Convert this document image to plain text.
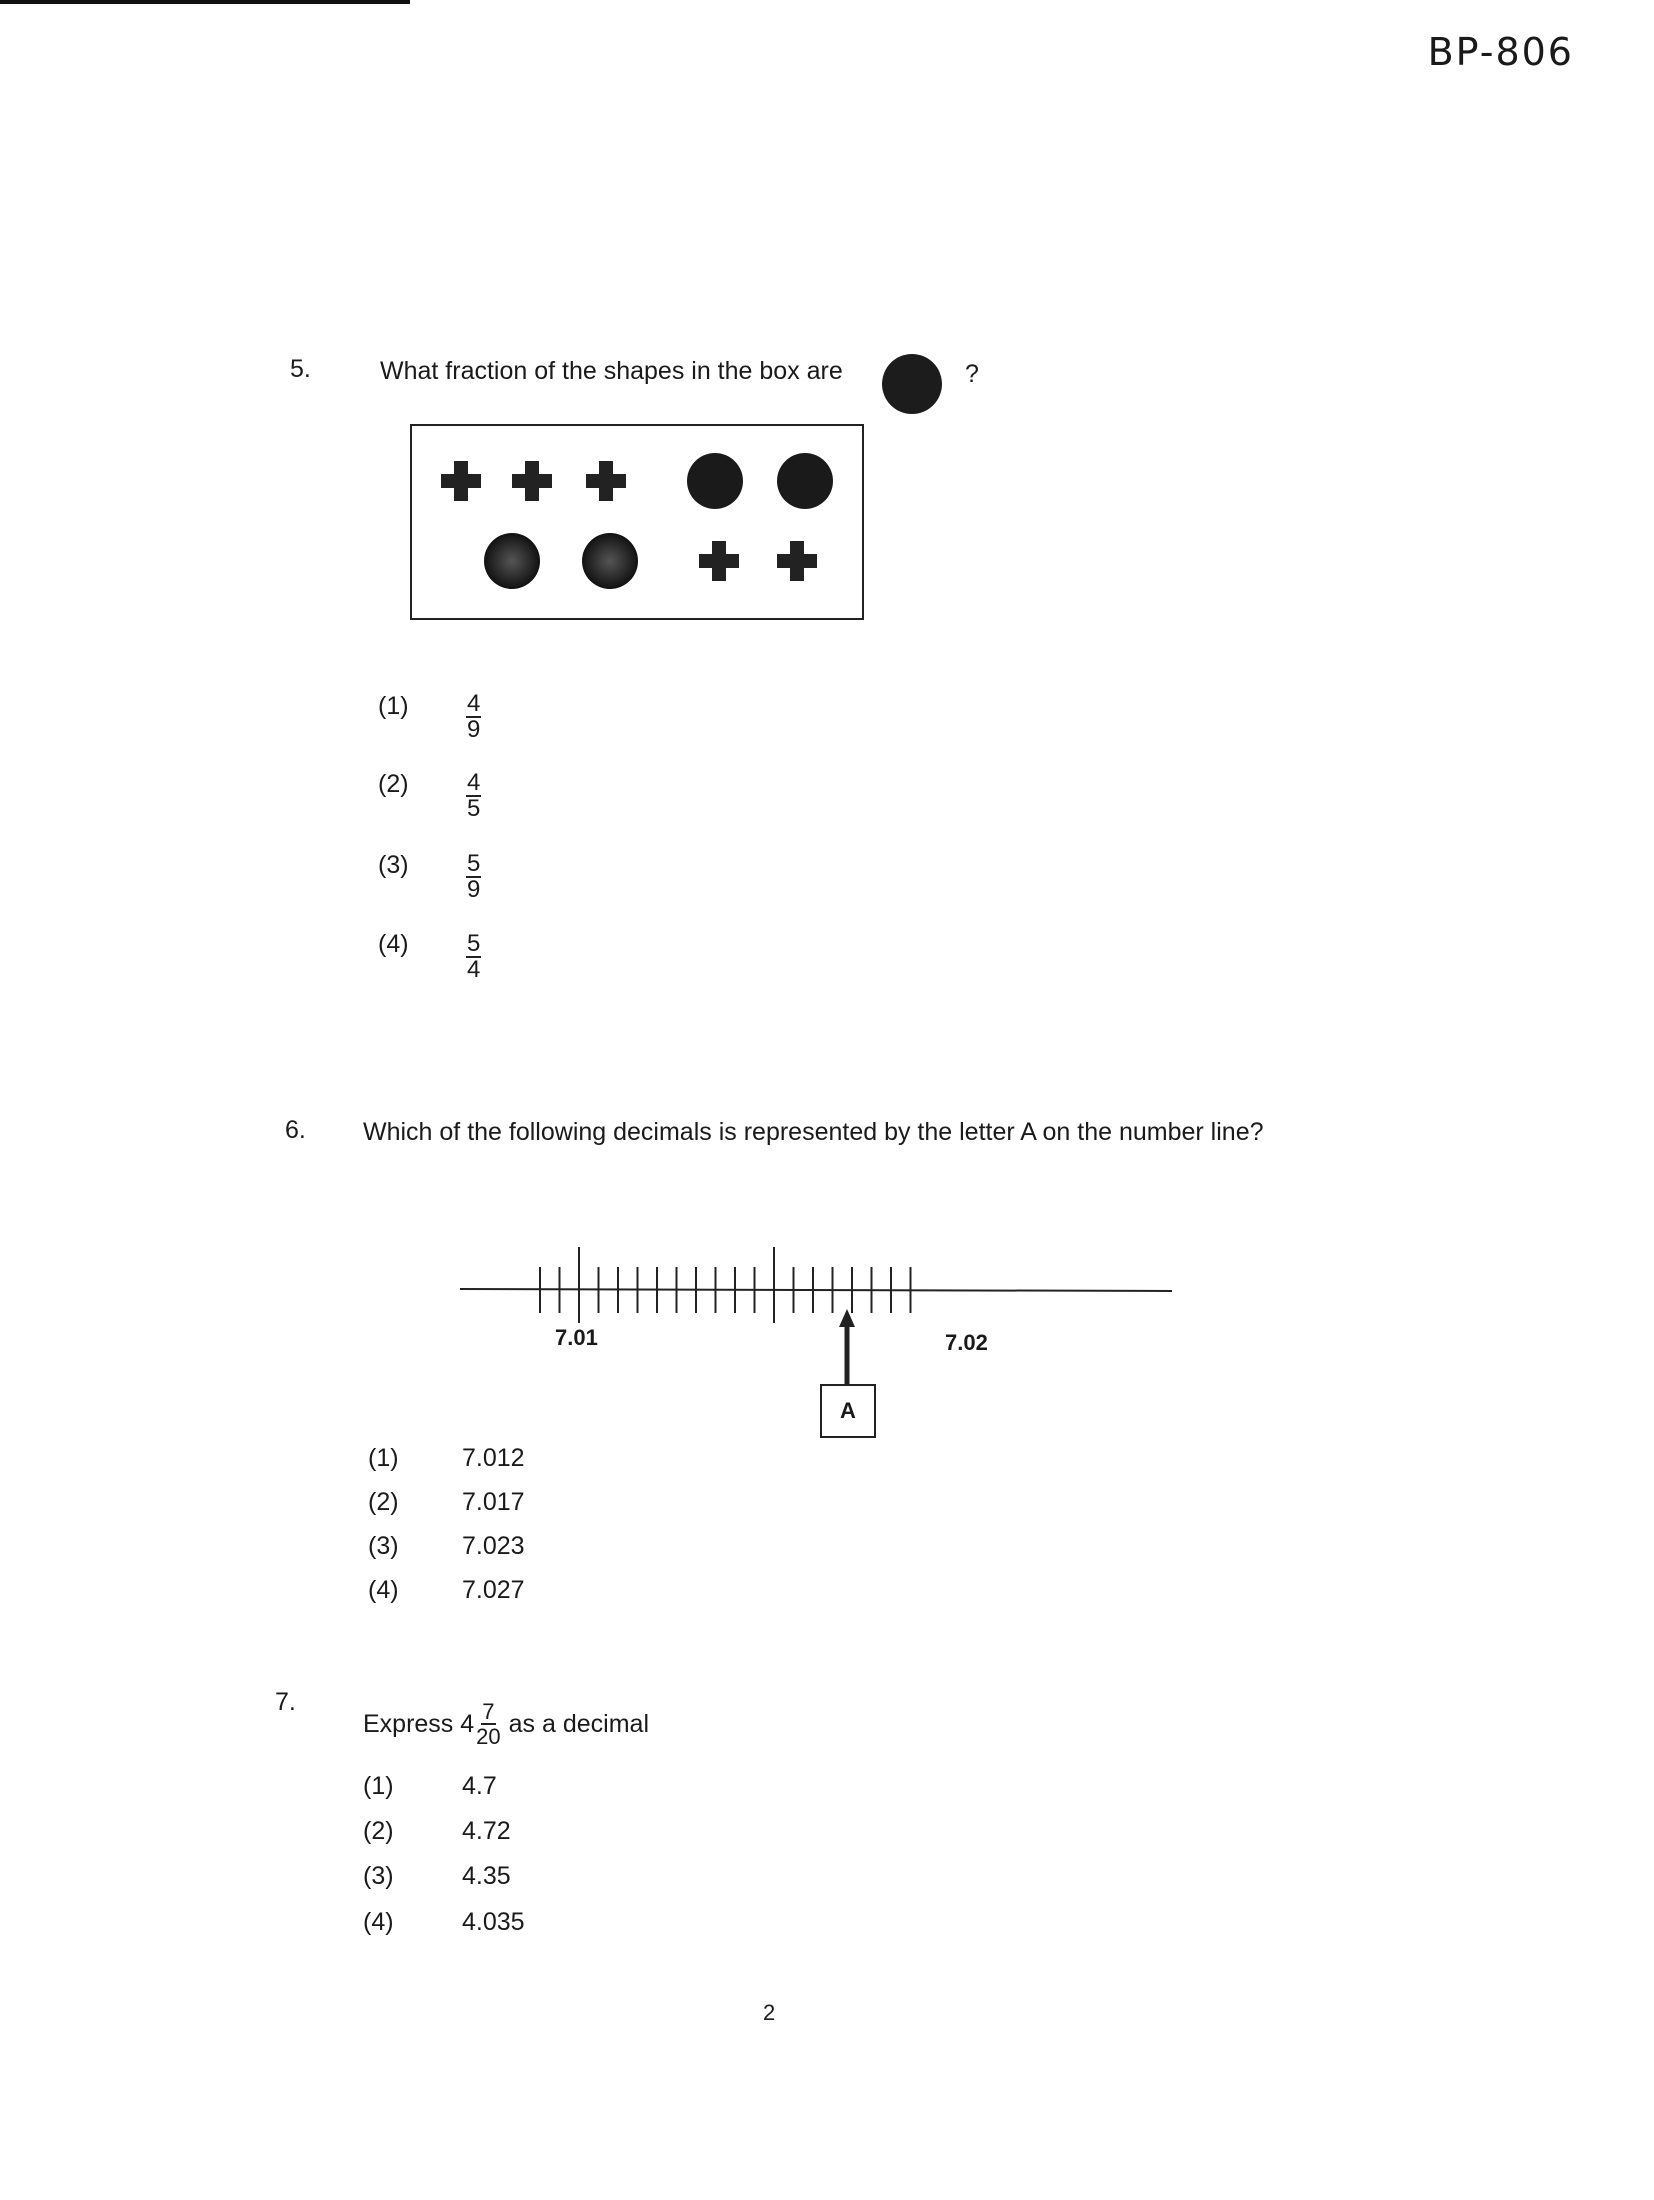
BP-806
5.	What fraction of the shapes in the box are	?
$(1) \frac{4}{9}$
$(2) \frac{4}{5}$
$(3) \frac{5}{9}$
$(4) \frac{5}{4}$
6. Which of the following decimals is represented by the letter A on the number line?
7.01	7.02
A
(1)	7.012
(2)	7.017
(3)	7.023
(4)	7.027
7.
Express $4 \frac{7}{20}$ as a decimal
(1)	4.7
(2)	4.72
(3)	4.35
(4)	4.035
2
